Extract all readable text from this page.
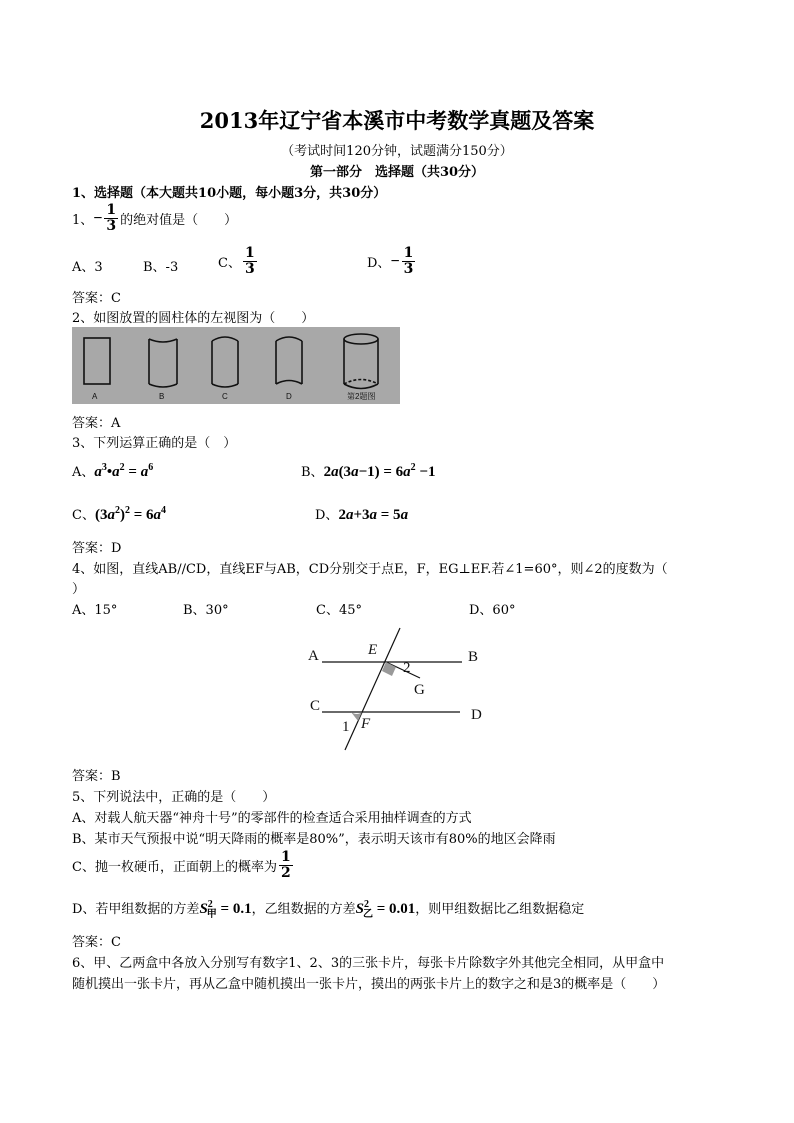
2013年辽宁省本溪市中考数学真题及答案
（考试时间120分钟，试题满分150分）
第一部分　选择题（共30分）
1、选择题（本大题共10小题，每小题3分，共30分）
1、 − $\frac{1}{3}$ 的绝对值是（　　）
A、3	B、-3	C、 $\frac{1}{3}$	D、 − $\frac{1}{3}$
答案：C
2、如图放置的圆柱体的左视图为（　　）
A	B	C	D	第2题图
答案：A
3、下列运算正确的是（　）
A、$a^3•a^2 = a^6$	B、$2a(3a-1) = 6a^2 -1$
C、$(3a^2)^2 = 6a^4$	D、2a+3a = 5a
答案：D
4、如图，直线AB//CD，直线EF与AB，CD分别交于点E，F，EG⊥EF.若∠1=60°，则∠2的度数为（
）
A、15°	B、30°	C、45°	D、60°
A	B
C
D
E
F
G
1
2
答案：B
5、下列说法中，正确的是（　　）
A、对载人航天器“神舟十号”的零部件的检查适合采用抽样调查的方式
B、某市天气预报中说“明天降雨的概率是80%”，表示明天该市有80%的地区会降雨
C、抛一枚硬币，正面朝上的概率为 $\frac{1}{2}$
D、若甲组数据的方差$S^2_甲 = 0.1$，乙组数据的方差$S^2_乙 = 0.01$，则甲组数据比乙组数据稳定
答案：C
6、甲、乙两盒中各放入分别写有数字1、2、3的三张卡片，每张卡片除数字外其他完全相同，从甲盒中
随机摸出一张卡片，再从乙盒中随机摸出一张卡片，摸出的两张卡片上的数字之和是3的概率是（　　）
